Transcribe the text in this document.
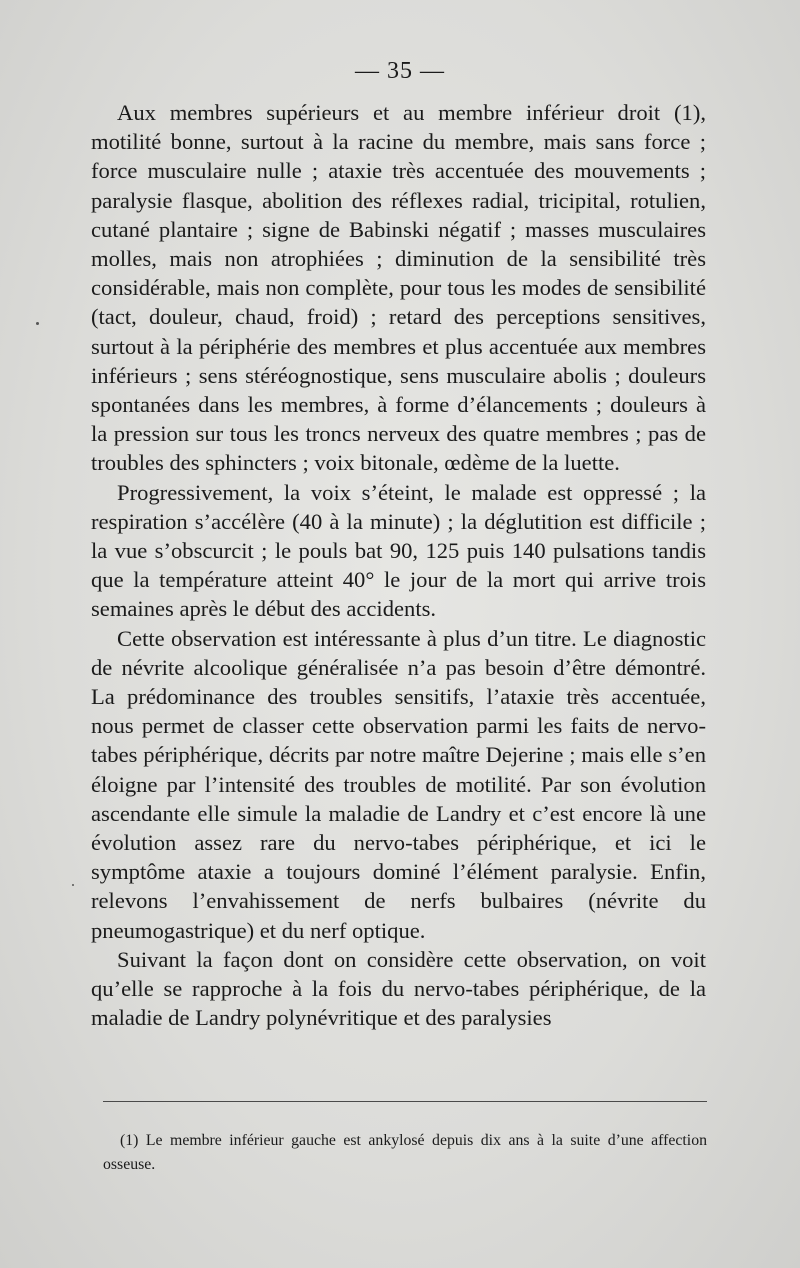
— 35 —

Aux membres supérieurs et au membre inférieur droit (1), motilité bonne, surtout à la racine du membre, mais sans force ; force musculaire nulle ; ataxie très accentuée des mouvements ; paralysie flasque, abolition des réflexes radial, tricipital, rotulien, cutané plantaire ; signe de Babinski négatif ; masses musculaires molles, mais non atrophiées ; diminution de la sensibilité très considérable, mais non complète, pour tous les modes de sensibilité (tact, douleur, chaud, froid) ; retard des perceptions sensitives, surtout à la périphérie des membres et plus accentuée aux membres inférieurs ; sens stéréognostique, sens musculaire abolis ; douleurs spontanées dans les membres, à forme d’élancements ; douleurs à la pression sur tous les troncs nerveux des quatre membres ; pas de troubles des sphincters ; voix bitonale, œdème de la luette.

Progressivement, la voix s’éteint, le malade est oppressé ; la respiration s’accélère (40 à la minute) ; la déglutition est difficile ; la vue s’obscurcit ; le pouls bat 90, 125 puis 140 pulsations tandis que la température atteint 40° le jour de la mort qui arrive trois semaines après le début des accidents.

Cette observation est intéressante à plus d’un titre. Le diagnostic de névrite alcoolique généralisée n’a pas besoin d’être démontré. La prédominance des troubles sensitifs, l’ataxie très accentuée, nous permet de classer cette observation parmi les faits de nervo-tabes périphérique, décrits par notre maître Dejerine ; mais elle s’en éloigne par l’intensité des troubles de motilité. Par son évolution ascendante elle simule la maladie de Landry et c’est encore là une évolution assez rare du nervo-tabes périphérique, et ici le symptôme ataxie a toujours dominé l’élément paralysie. Enfin, relevons l’envahissement de nerfs bulbaires (névrite du pneumogastrique) et du nerf optique.

Suivant la façon dont on considère cette observation, on voit qu’elle se rapproche à la fois du nervo-tabes périphérique, de la maladie de Landry polynévritique et des paralysies

(1) Le membre inférieur gauche est ankylosé depuis dix ans à la suite d’une affection osseuse.
